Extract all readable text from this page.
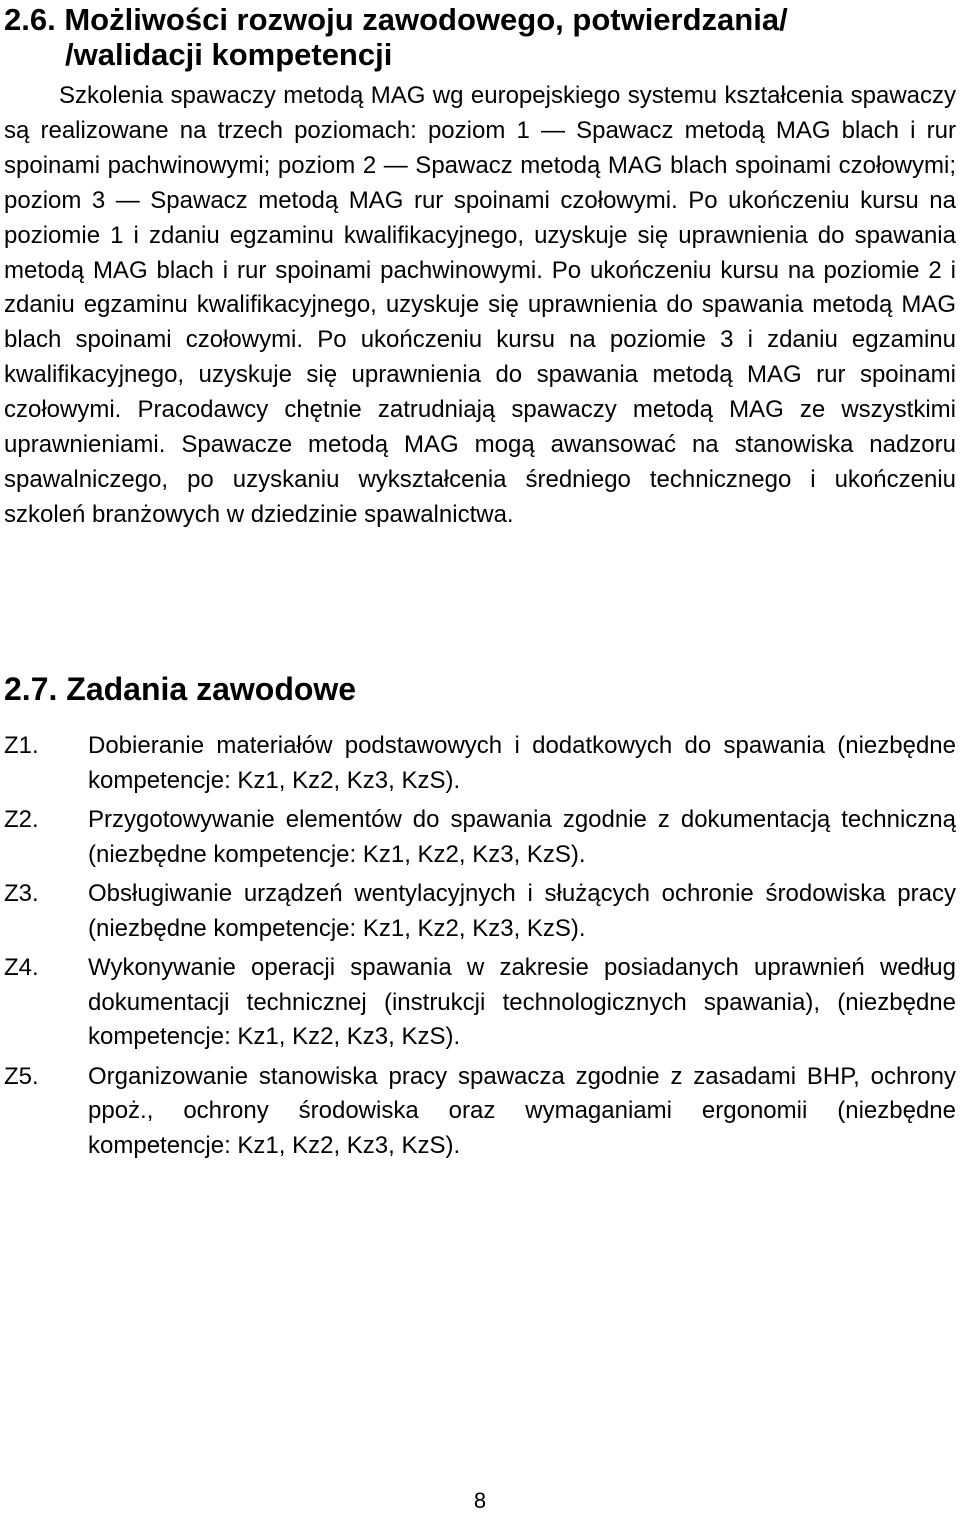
2.6. Możliwości rozwoju zawodowego, potwierdzania/
/walidacji kompetencji

Szkolenia spawaczy metodą MAG wg europejskiego systemu kształcenia spawaczy są realizowane na trzech poziomach: poziom 1 — Spawacz metodą MAG blach i rur spoinami pachwinowymi; poziom 2 — Spawacz metodą MAG blach spoinami czołowymi; poziom 3 — Spawacz metodą MAG rur spoinami czołowymi. Po ukończeniu kursu na poziomie 1 i zdaniu egzaminu kwalifikacyjnego, uzyskuje się uprawnienia do spawania metodą MAG blach i rur spoinami pachwinowymi. Po ukończeniu kursu na poziomie 2 i zdaniu egzaminu kwalifikacyjnego, uzyskuje się uprawnienia do spawania metodą MAG blach spoinami czołowymi. Po ukończeniu kursu na poziomie 3 i zdaniu egzaminu kwalifikacyjnego, uzyskuje się uprawnienia do spawania metodą MAG rur spoinami czołowymi. Pracodawcy chętnie zatrudniają spawaczy metodą MAG ze wszystkimi uprawnieniami. Spawacze metodą MAG mogą awansować na stanowiska nadzoru spawalniczego, po uzyskaniu wykształcenia średniego technicznego i ukończeniu szkoleń branżowych w dziedzinie spawalnictwa.

2.7. Zadania zawodowe
Z1. Dobieranie materiałów podstawowych i dodatkowych do spawania (niezbędne kompetencje: Kz1, Kz2, Kz3, KzS).
Z2. Przygotowywanie elementów do spawania zgodnie z dokumentacją techniczną (niezbędne kompetencje: Kz1, Kz2, Kz3, KzS).
Z3. Obsługiwanie urządzeń wentylacyjnych i służących ochronie środowiska pracy (niezbędne kompetencje: Kz1, Kz2, Kz3, KzS).
Z4. Wykonywanie operacji spawania w zakresie posiadanych uprawnień według dokumentacji technicznej (instrukcji technologicznych spawania), (niezbędne kompetencje: Kz1, Kz2, Kz3, KzS).
Z5. Organizowanie stanowiska pracy spawacza zgodnie z zasadami BHP, ochrony ppoż., ochrony środowiska oraz wymaganiami ergonomii (niezbędne kompetencje: Kz1, Kz2, Kz3, KzS).
8
